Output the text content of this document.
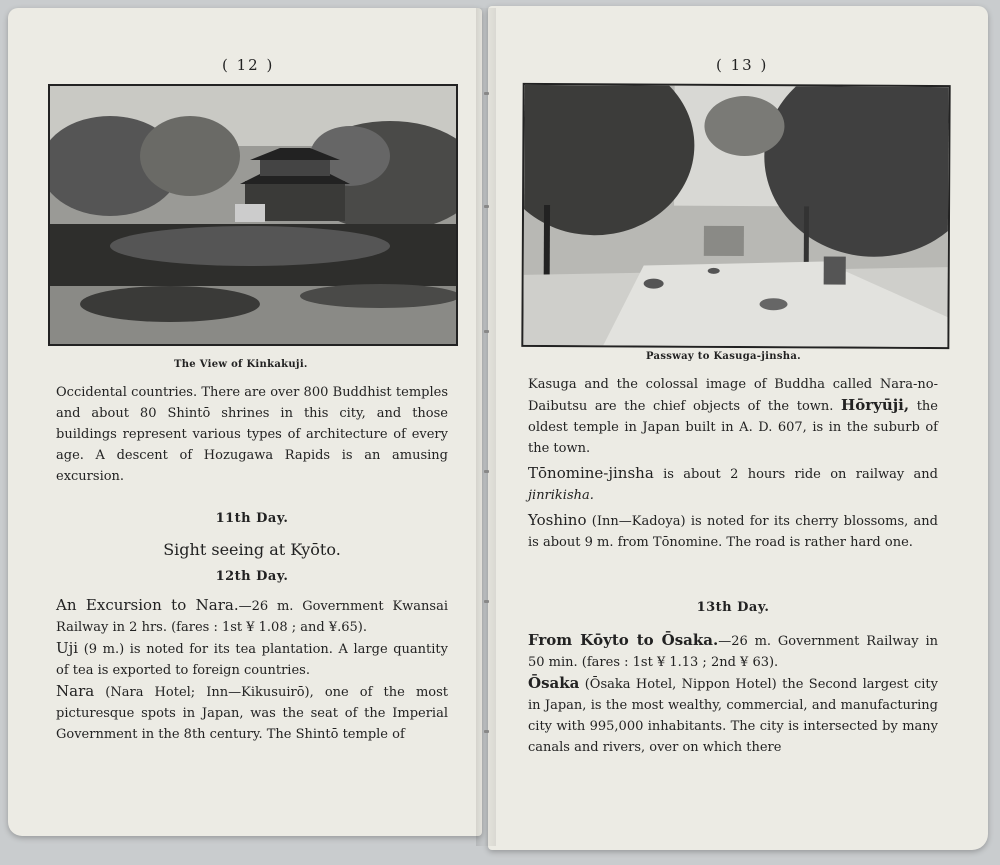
( 12 )
The View of Kinkakuji.

Occidental countries. There are over 800 Buddhist temples and about 80 Shintō shrines in this city, and those buildings represent various types of architecture of every age. A descent of Hozugawa Rapids is an amusing excursion.

11th Day.

Sight seeing at Kyōto.

12th Day.

An Excursion to Nara.—26 m. Government Kwansai Railway in 2 hrs. (fares : 1st ¥ 1.08 ; and ¥.65).

Uji (9 m.) is noted for its tea plantation. A large quantity of tea is exported to foreign countries.

Nara (Nara Hotel; Inn—Kikusuirō), one of the most picturesque spots in Japan, was the seat of the Imperial Government in the 8th century. The Shintō temple of

( 13 )
Passway to Kasuga-jinsha.

Kasuga and the colossal image of Buddha called Nara-no-Daibutsu are the chief objects of the town. Hōryūji, the oldest temple in Japan built in A. D. 607, is in the suburb of the town.

Tōnomine-jinsha is about 2 hours ride on railway and jinrikisha.

Yoshino (Inn—Kadoya) is noted for its cherry blossoms, and is about 9 m. from Tōnomine. The road is rather hard one.

13th Day.

From Kōyto to Ōsaka.—26 m. Government Railway in 50 min. (fares : 1st ¥ 1.13 ; 2nd ¥ 63).

Ōsaka (Ōsaka Hotel, Nippon Hotel) the Second largest city in Japan, is the most wealthy, commercial, and manufacturing city with 995,000 inhabitants. The city is intersected by many canals and rivers, over on which there
